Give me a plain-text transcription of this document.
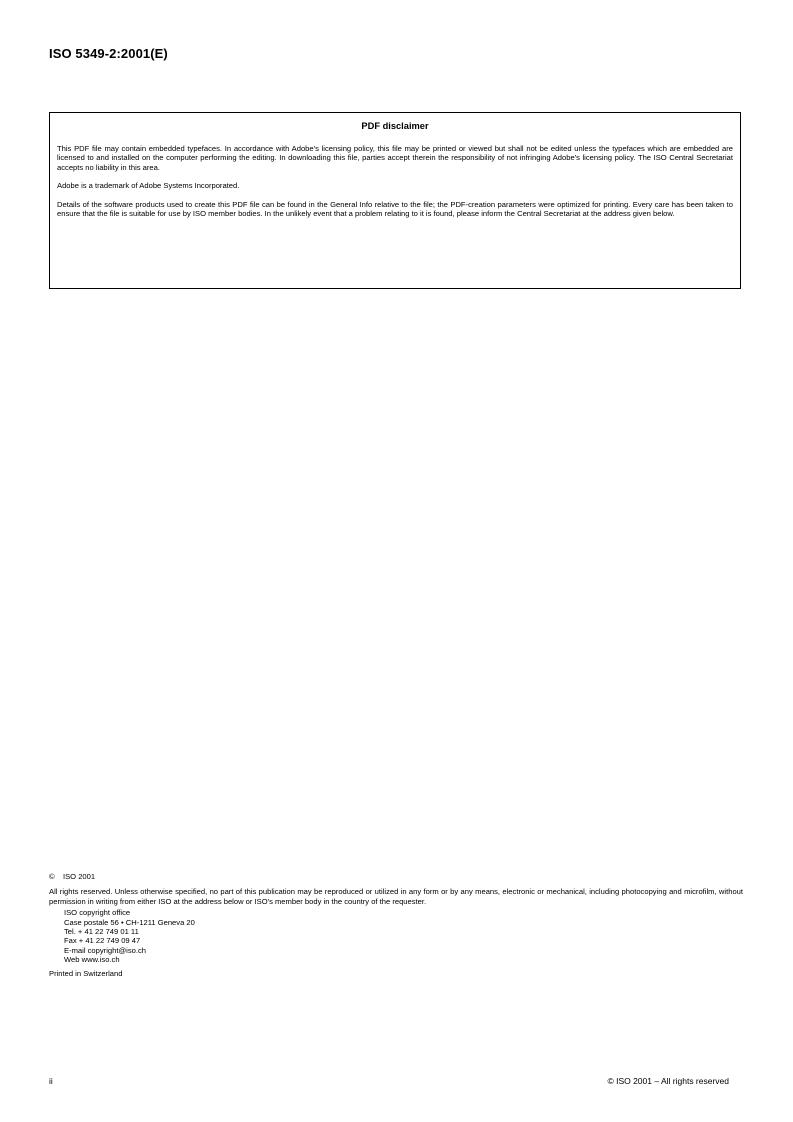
ISO 5349-2:2001(E)
PDF disclaimer

This PDF file may contain embedded typefaces. In accordance with Adobe's licensing policy, this file may be printed or viewed but shall not be edited unless the typefaces which are embedded are licensed to and installed on the computer performing the editing. In downloading this file, parties accept therein the responsibility of not infringing Adobe's licensing policy. The ISO Central Secretariat accepts no liability in this area.

Adobe is a trademark of Adobe Systems Incorporated.

Details of the software products used to create this PDF file can be found in the General Info relative to the file; the PDF-creation parameters were optimized for printing. Every care has been taken to ensure that the file is suitable for use by ISO member bodies. In the unlikely event that a problem relating to it is found, please inform the Central Secretariat at the address given below.

© ISO 2001

All rights reserved. Unless otherwise specified, no part of this publication may be reproduced or utilized in any form or by any means, electronic or mechanical, including photocopying and microfilm, without permission in writing from either ISO at the address below or ISO's member body in the country of the requester.

ISO copyright office
Case postale 56 • CH-1211 Geneva 20
Tel. + 41 22 749 01 11
Fax + 41 22 749 09 47
E-mail copyright@iso.ch
Web www.iso.ch
Printed in Switzerland
ii	© ISO 2001 – All rights reserved
